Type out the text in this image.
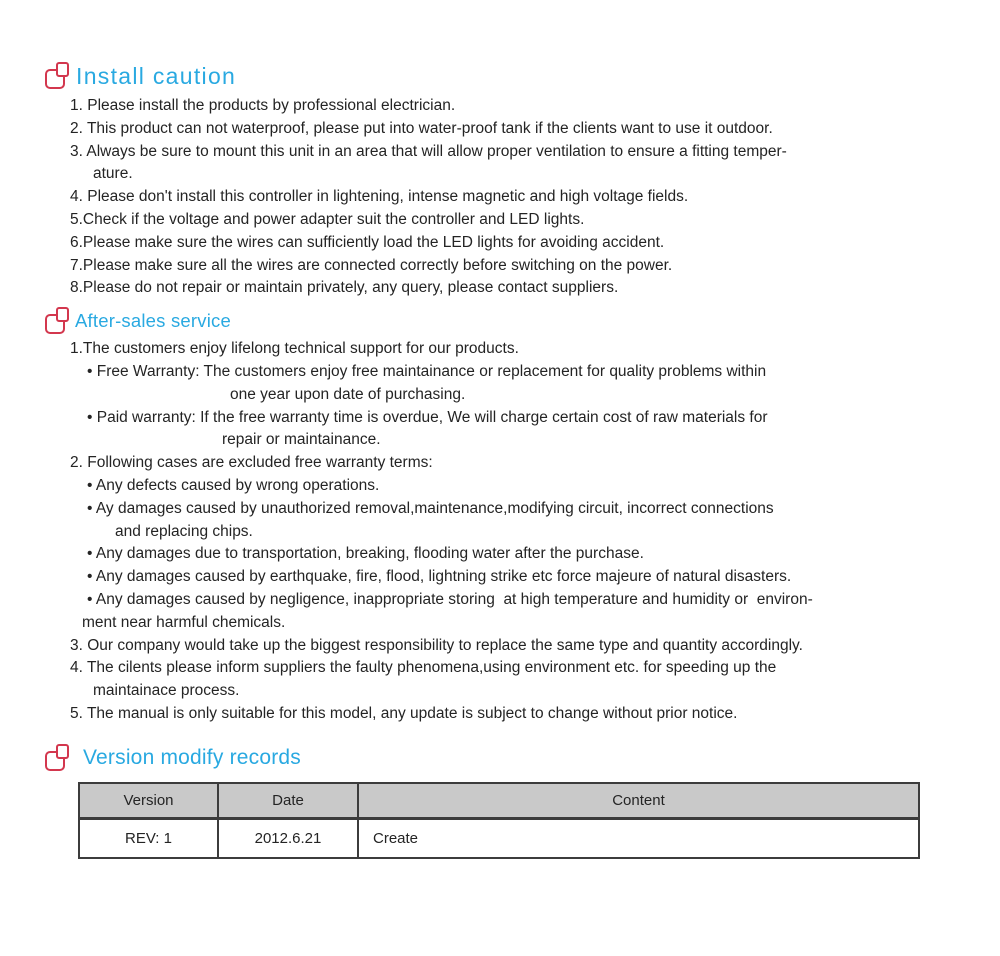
Install caution
1. Please install the products by professional electrician.
2. This product can not waterproof, please put into water-proof tank if the clients want to use it outdoor.
3. Always be sure to mount this unit in an area that will allow proper ventilation to ensure a fitting temper-
ature.
4. Please don't install this controller in lightening, intense magnetic and high voltage fields.
5.Check if the voltage and power adapter suit the controller and LED lights.
6.Please make sure the wires can sufficiently load the LED lights for avoiding accident.
7.Please make sure all the wires are connected correctly before switching on the power.
8.Please do not repair or maintain privately, any query, please contact suppliers.
After-sales service
1.The customers enjoy lifelong technical support for our products.
• Free Warranty: The customers enjoy free maintainance or replacement for quality problems within
one year upon date of purchasing.
• Paid warranty: If the free warranty time is overdue, We will charge certain cost of raw materials for
repair or maintainance.
2. Following cases are excluded free warranty terms:
• Any defects caused by wrong operations.
• Ay damages caused by unauthorized removal,maintenance,modifying circuit, incorrect connections
and replacing chips.
• Any damages due to transportation, breaking, flooding water after the purchase.
• Any damages caused by earthquake, fire, flood, lightning strike etc force majeure of natural disasters.
• Any damages caused by negligence, inappropriate storing  at high temperature and humidity or  environ-
ment near harmful chemicals.
3. Our company would take up the biggest responsibility to replace the same type and quantity accordingly.
4. The cilents please inform suppliers the faulty phenomena,using environment etc. for speeding up the
maintainace process.
5. The manual is only suitable for this model, any update is subject to change without prior notice.
Version modify records
Version	Date	Content
REV: 1	2012.6.21	Create
